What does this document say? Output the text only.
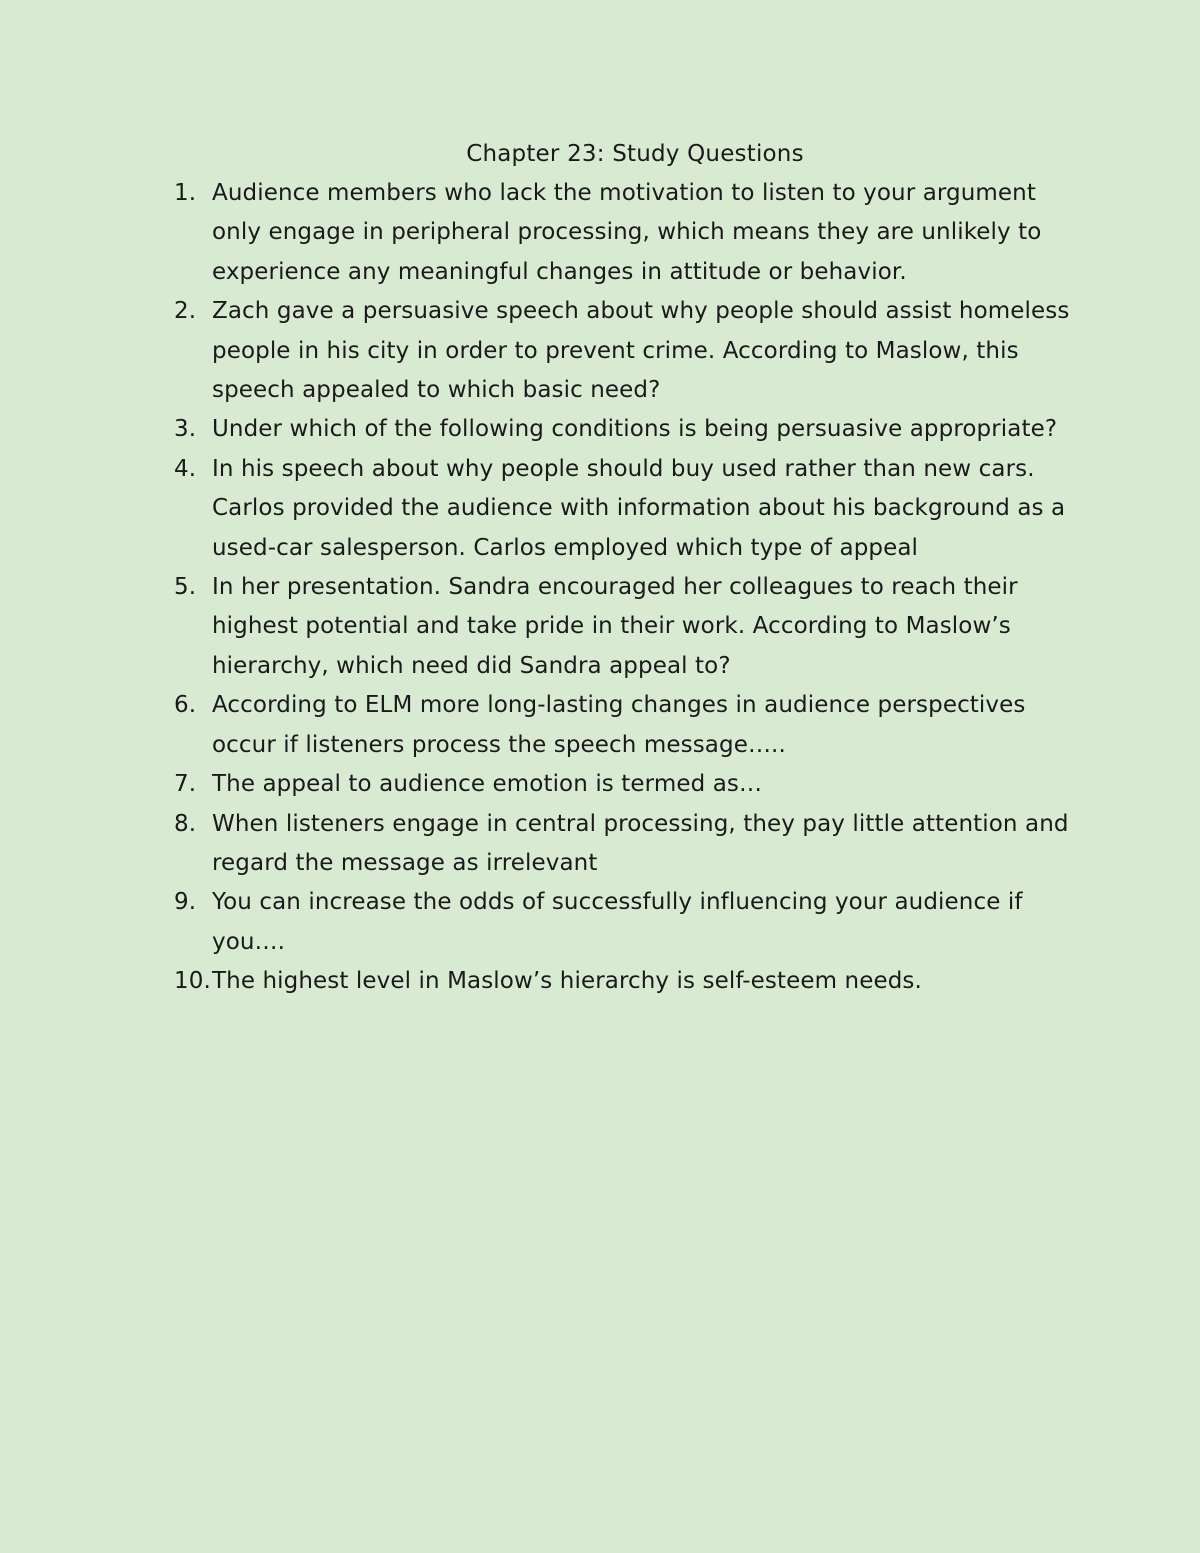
Chapter 23: Study Questions
1. Audience members who lack the motivation to listen to your argument only engage in peripheral processing, which means they are unlikely to experience any meaningful changes in attitude or behavior.
2. Zach gave a persuasive speech about why people should assist homeless people in his city in order to prevent crime. According to Maslow, this speech appealed to which basic need?
3. Under which of the following conditions is being persuasive appropriate?
4. In his speech about why people should buy used rather than new cars. Carlos provided the audience with information about his background as a used-car salesperson. Carlos employed which type of appeal
5. In her presentation. Sandra encouraged her colleagues to reach their highest potential and take pride in their work. According to Maslow’s hierarchy, which need did Sandra appeal to?
6. According to ELM more long-lasting changes in audience perspectives occur if listeners process the speech message…..
7. The appeal to audience emotion is termed as…
8. When listeners engage in central processing, they pay little attention and regard the message as irrelevant
9. You can increase the odds of successfully influencing your audience if you….
10. The highest level in Maslow’s hierarchy is self-esteem needs.
